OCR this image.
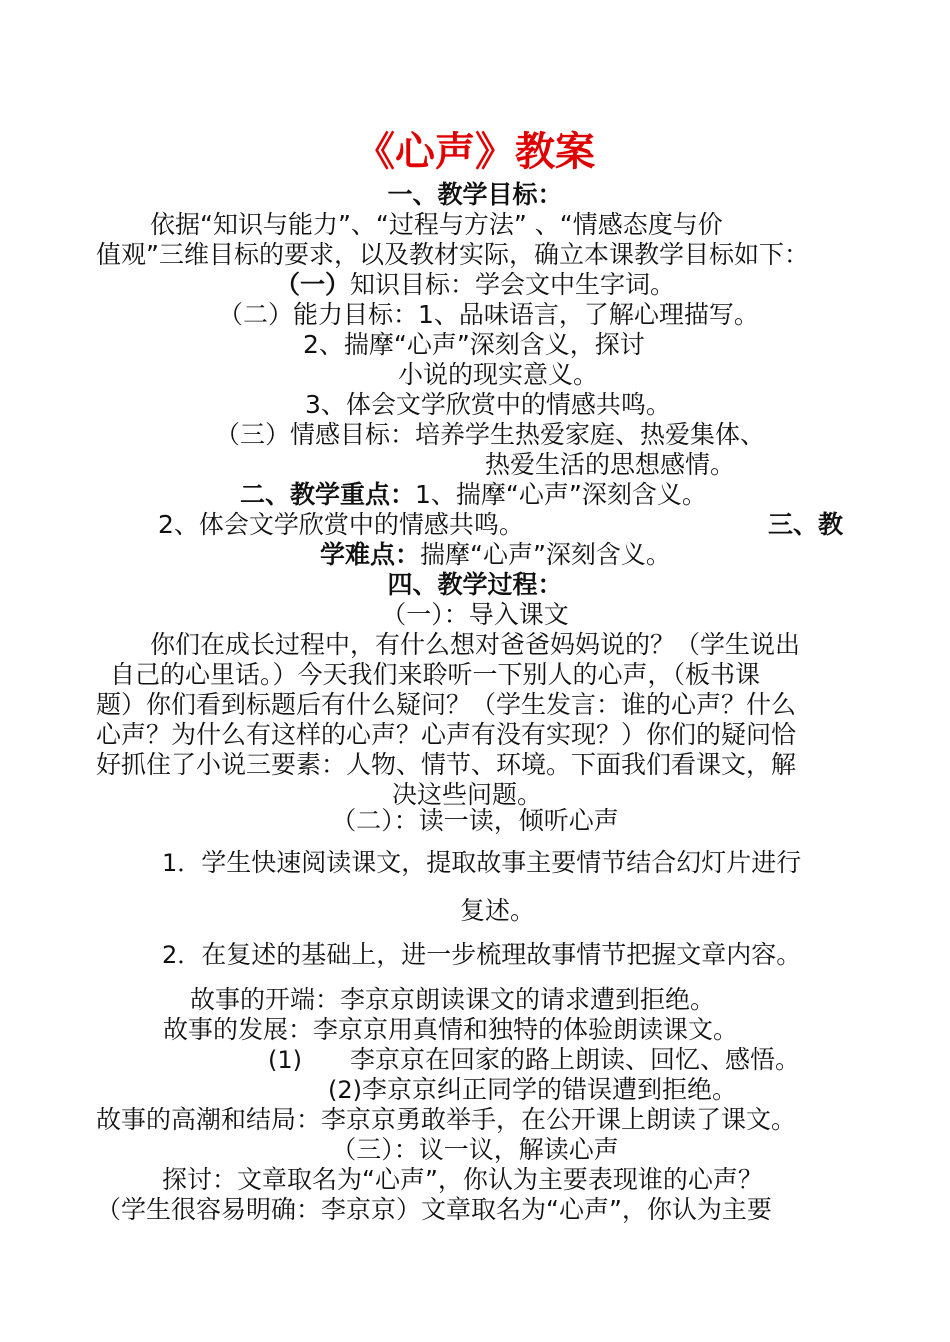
《心声》教案
一、教学目标：
依据“知识与能力”、“过程与方法” 、“情感态度与价
值观”三维目标的要求，以及教材实际，确立本课教学目标如下：
（一）知识目标：学会文中生字词。
（二）能力目标：1、品味语言，了解心理描写。
2、揣摩“心声”深刻含义，探讨
小说的现实意义。
3、体会文学欣赏中的情感共鸣。
（三）情感目标：培养学生热爱家庭、热爱集体、
热爱生活的思想感情。
二、教学重点：1、揣摩“心声”深刻含义。
2、体会文学欣赏中的情感共鸣。	三、教
学难点：揣摩“心声”深刻含义。
四、教学过程：
（一）：导入课文
你们在成长过程中，有什么想对爸爸妈妈说的？（学生说出
自己的心里话。）今天我们来聆听一下别人的心声，（板书课
题）你们看到标题后有什么疑问？（学生发言：谁的心声？什么
心声？为什么有这样的心声？心声有没有实现？）你们的疑问恰
好抓住了小说三要素：人物、情节、环境。下面我们看课文，解
决这些问题。
（二）：读一读，倾听心声
1．学生快速阅读课文，提取故事主要情节结合幻灯片进行
复述。
2．在复述的基础上，进一步梳理故事情节把握文章内容。
故事的开端：李京京朗读课文的请求遭到拒绝。
故事的发展：李京京用真情和独特的体验朗读课文。
(1) 李京京在回家的路上朗读、回忆、感悟。
(2)李京京纠正同学的错误遭到拒绝。
故事的高潮和结局：李京京勇敢举手，在公开课上朗读了课文。
（三）：议一议，解读心声
探讨：文章取名为“心声”，你认为主要表现谁的心声？
（学生很容易明确：李京京）文章取名为“心声”，你认为主要
